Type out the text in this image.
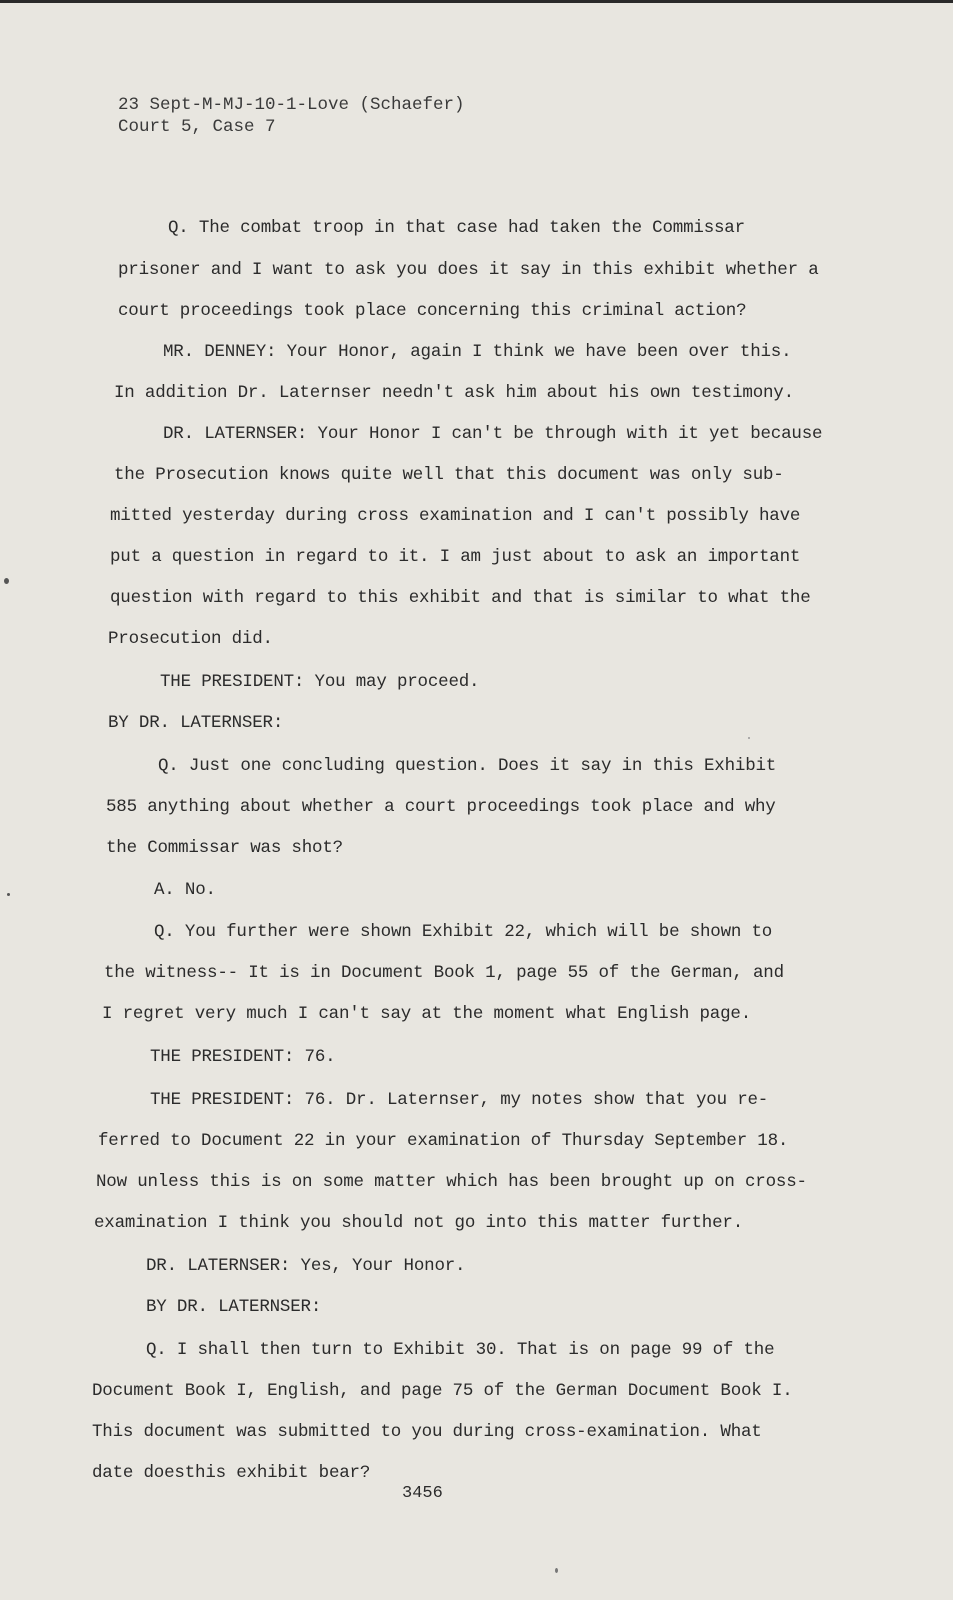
23 Sept-M-MJ-10-1-Love (Schaefer)
Court 5, Case 7
Q. The combat troop in that case had taken the Commissar
prisoner and I want to ask you does it say in this exhibit whether a
court proceedings took place concerning this criminal action?
MR. DENNEY: Your Honor, again I think we have been over this.
In addition Dr. Laternser needn't ask him about his own testimony.
DR. LATERNSER: Your Honor I can't be through with it yet because
the Prosecution knows quite well that this document was only sub-
mitted yesterday during cross examination and I can't possibly have
put a question in regard to it. I am just about to ask an important
question with regard to this exhibit and that is similar to what the
Prosecution did.
THE PRESIDENT: You may proceed.
BY DR. LATERNSER:
Q. Just one concluding question. Does it say in this Exhibit
585 anything about whether a court proceedings took place and why
the Commissar was shot?
A. No.
Q. You further were shown Exhibit 22, which will be shown to
the witness-- It is in Document Book 1, page 55 of the German, and
I regret very much I can't say at the moment what English page.
THE PRESIDENT: 76.
THE PRESIDENT: 76. Dr. Laternser, my notes show that you re-
ferred to Document 22 in your examination of Thursday September 18.
Now unless this is on some matter which has been brought up on cross-
examination I think you should not go into this matter further.
DR. LATERNSER: Yes, Your Honor.
BY DR. LATERNSER:
Q. I shall then turn to Exhibit 30. That is on page 99 of the
Document Book I, English, and page 75 of the German Document Book I.
This document was submitted to you during cross-examination. What
date doesthis exhibit bear?
3456
